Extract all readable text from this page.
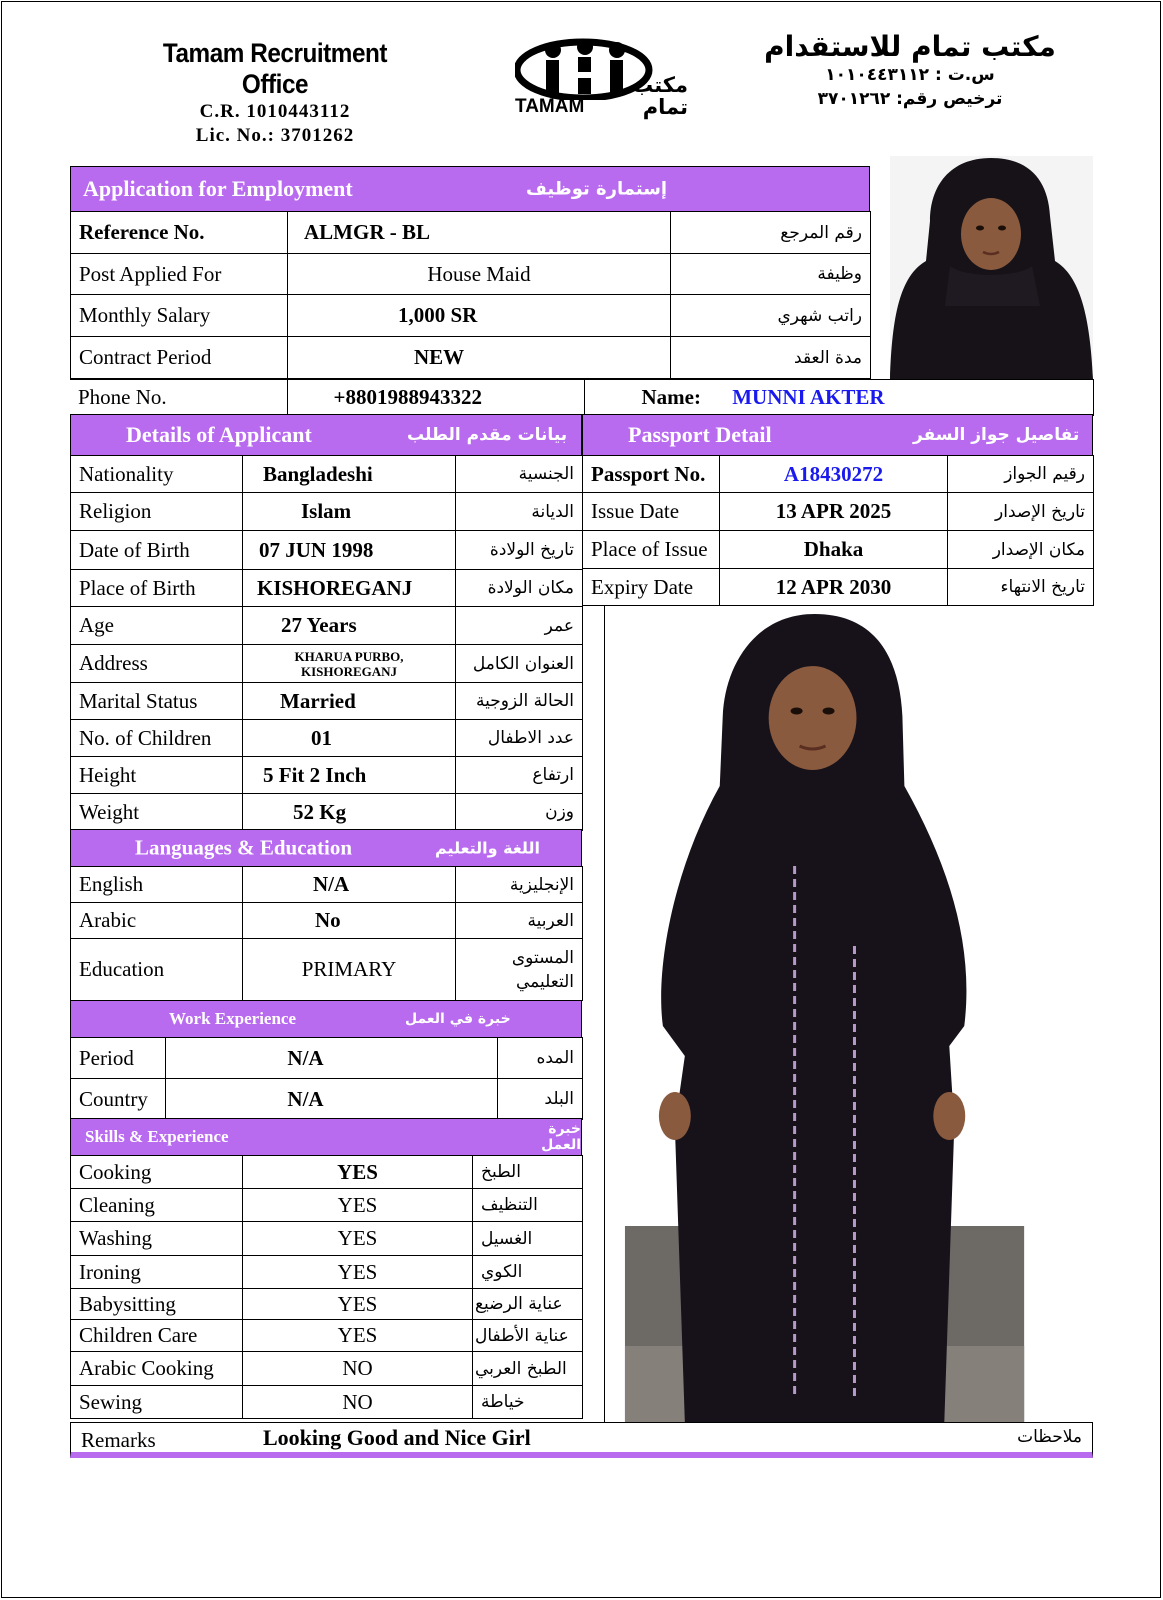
Tamam Recruitment Office
C.R. 1010443112
Lic. No.: 3701262
TAMAM
مكتب
تمام
مكتب تمام للاستقدام
س.ت : ١٠١٠٤٤٣١١٢
ترخيص رقم: ٣٧٠١٢٦٢
Application for Employment	إستمارة توظيف
Reference No.	ALMGR - BL	رقم المرجع
Post Applied For	House Maid	وظيفة
Monthly Salary	1,000 SR	راتب شهري
Contract Period	NEW	مدة العقد
Phone No.	+8801988943322	Name: MUNNI AKTER
Details of Applicant	بيانات مقدم الطلب
Nationality	Bangladeshi	الجنسية
Religion	Islam	الديانة
Date of Birth	07 JUN 1998	تاريخ الولادة
Place of Birth	KISHOREGANJ	مكان الولادة
Age	27 Years	عمر
Address	KHARUA PURBO,
KISHOREGANJ	العنوان الكامل
Marital Status	Married	الحالة الزوجية
No. of Children	01	عدد الاطفال
Height	5 Fit 2 Inch	ارتفاع
Weight	52 Kg	وزن
Passport Detail	تفاصيل جواز السفر
Passport No.	A18430272	رقيم الجواز
Issue Date	13 APR 2025	تاريخ الإصدار
Place of Issue	Dhaka	مكان الإصدار
Expiry Date	12 APR 2030	تاريخ الانتهاء
Languages & Education	اللغة والتعليم
English	N/A	الإنجليزية
Arabic	No	العربية
Education	PRIMARY	المستوى
التعليمي
Work Experience	خبرة في العمل
Period	N/A	المده
Country	N/A	البلد
Skills & Experience	خبرة العمل
Cooking	YES	الطبخ
Cleaning	YES	التنظيف
Washing	YES	الغسيل
Ironing	YES	الكوي
Babysitting	YES	عناية الرضيع
Children Care	YES	عناية الأطفال
Arabic Cooking	NO	الطبخ العربي
Sewing	NO	خياطة
Remarks	Looking Good and Nice Girl	ملاحظات
